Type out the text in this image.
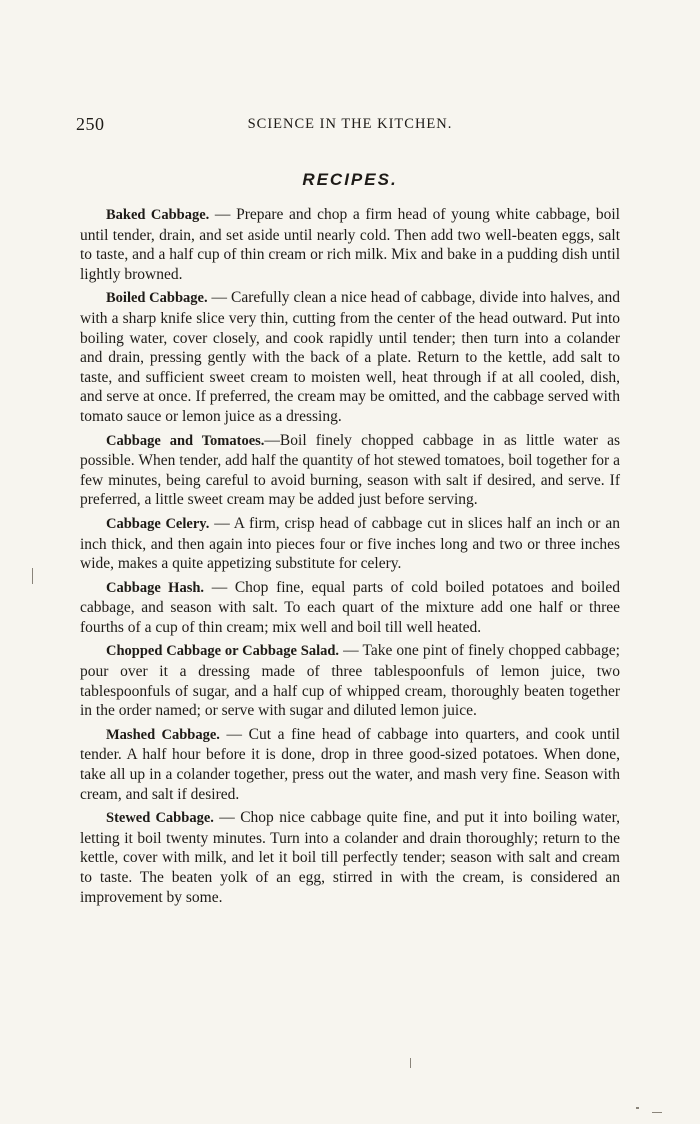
250	SCIENCE IN THE KITCHEN.
RECIPES.

Baked Cabbage. — Prepare and chop a firm head of young white cabbage, boil until tender, drain, and set aside until nearly cold. Then add two well-beaten eggs, salt to taste, and a half cup of thin cream or rich milk. Mix and bake in a pudding dish until lightly browned.

Boiled Cabbage. — Carefully clean a nice head of cabbage, divide into halves, and with a sharp knife slice very thin, cutting from the center of the head outward. Put into boiling water, cover closely, and cook rapidly until tender; then turn into a colander and drain, pressing gently with the back of a plate. Return to the kettle, add salt to taste, and sufficient sweet cream to moisten well, heat through if at all cooled, dish, and serve at once. If preferred, the cream may be omitted, and the cabbage served with tomato sauce or lemon juice as a dressing.

Cabbage and Tomatoes.—Boil finely chopped cabbage in as little water as possible. When tender, add half the quantity of hot stewed tomatoes, boil together for a few minutes, being careful to avoid burning, season with salt if desired, and serve. If preferred, a little sweet cream may be added just before serving.

Cabbage Celery. — A firm, crisp head of cabbage cut in slices half an inch or an inch thick, and then again into pieces four or five inches long and two or three inches wide, makes a quite appetizing substitute for celery.

Cabbage Hash. — Chop fine, equal parts of cold boiled potatoes and boiled cabbage, and season with salt. To each quart of the mixture add one half or three fourths of a cup of thin cream; mix well and boil till well heated.

Chopped Cabbage or Cabbage Salad. — Take one pint of finely chopped cabbage; pour over it a dressing made of three tablespoonfuls of lemon juice, two tablespoonfuls of sugar, and a half cup of whipped cream, thoroughly beaten together in the order named; or serve with sugar and diluted lemon juice.

Mashed Cabbage. — Cut a fine head of cabbage into quarters, and cook until tender. A half hour before it is done, drop in three good-sized potatoes. When done, take all up in a colander together, press out the water, and mash very fine. Season with cream, and salt if desired.

Stewed Cabbage. — Chop nice cabbage quite fine, and put it into boiling water, letting it boil twenty minutes. Turn into a colander and drain thoroughly; return to the kettle, cover with milk, and let it boil till perfectly tender; season with salt and cream to taste. The beaten yolk of an egg, stirred in with the cream, is considered an improvement by some.
